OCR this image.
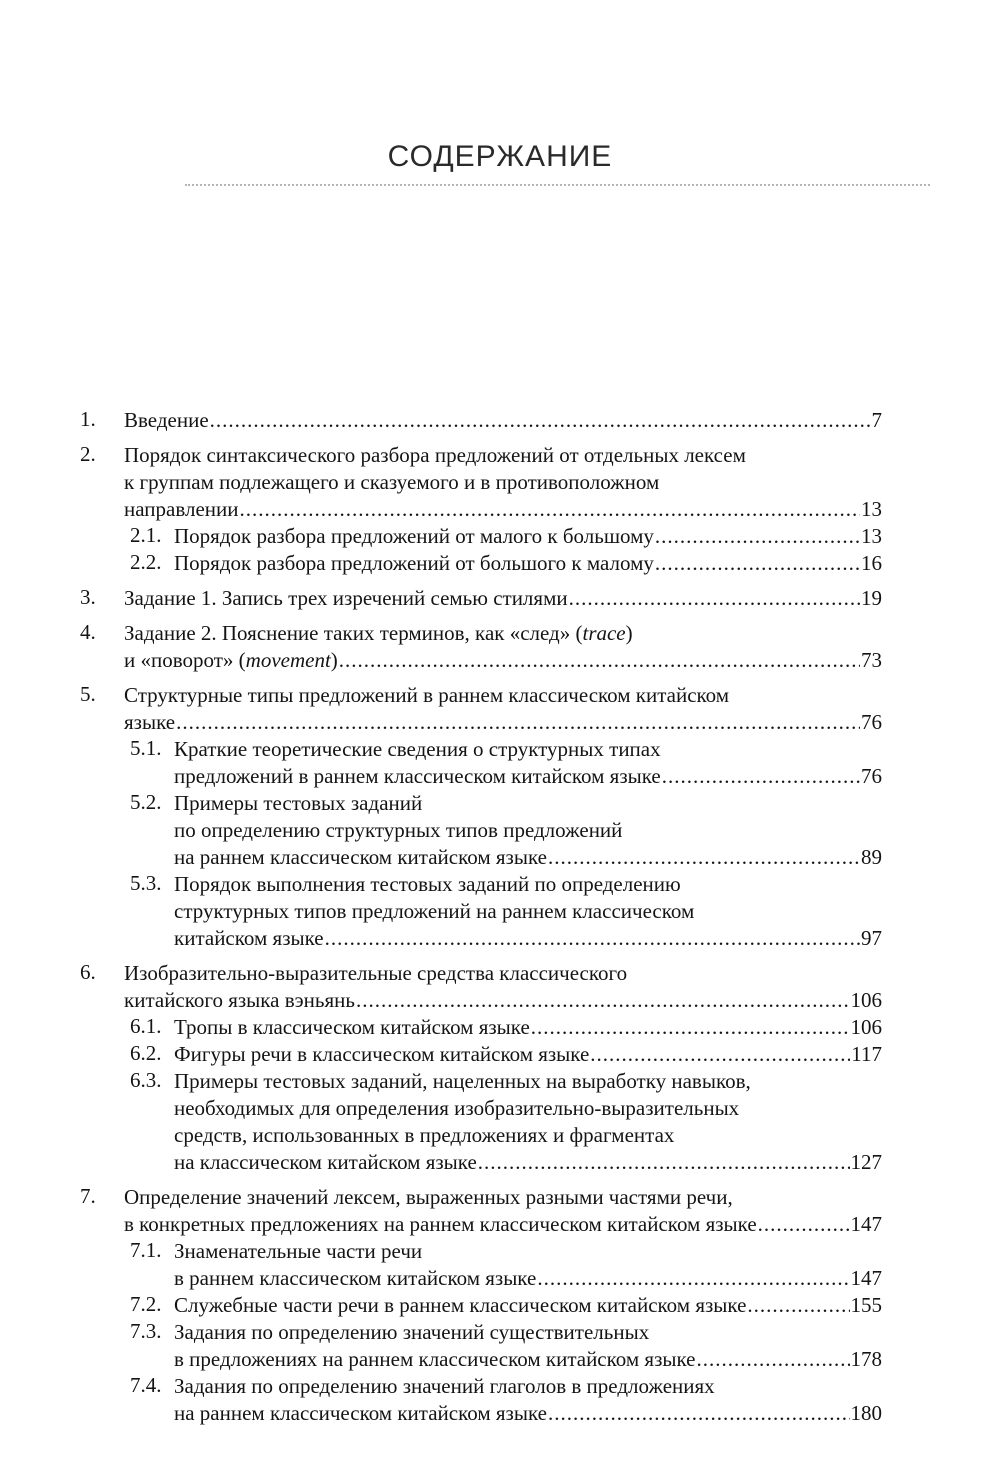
СОДЕРЖАНИЕ
1.	Введение .....	7
2.	Порядок синтаксического разбора предложений от отдельных лексем
к группам подлежащего и сказуемого и в противоположном
направлении .....	13
2.1. Порядок разбора предложений от малого к большому .....	13
2.2. Порядок разбора предложений от большого к малому .....	16
3.	Задание 1. Запись трех изречений семью стилями .....	19
4.	Задание 2. Пояснение таких терминов, как «след» (trace)
и «поворот» (movement) .....	73
5.	Структурные типы предложений в раннем классическом китайском
языке .....	76
5.1. Краткие теоретические сведения о структурных типах
предложений в раннем классическом китайском языке .....	76
5.2. Примеры тестовых заданий
по определению структурных типов предложений
на раннем классическом китайском языке .....	89
5.3. Порядок выполнения тестовых заданий по определению
структурных типов предложений на раннем классическом
китайском языке .....	97
6.	Изобразительно-выразительные средства классического
китайского языка вэньянь .....	106
6.1. Тропы в классическом китайском языке .....	106
6.2. Фигуры речи в классическом китайском языке .....	117
6.3. Примеры тестовых заданий, нацеленных на выработку навыков,
необходимых для определения изобразительно-выразительных
средств, использованных в предложениях и фрагментах
на классическом китайском языке .....	127
7.	Определение значений лексем, выраженных разными частями речи,
в конкретных предложениях на раннем классическом китайском языке .....	147
7.1. Знаменательные части речи
в раннем классическом китайском языке .....	147
7.2. Служебные части речи в раннем классическом китайском языке .....	155
7.3. Задания по определению значений существительных
в предложениях на раннем классическом китайском языке .....	178
7.4. Задания по определению значений глаголов в предложениях
на раннем классическом китайском языке .....	180
